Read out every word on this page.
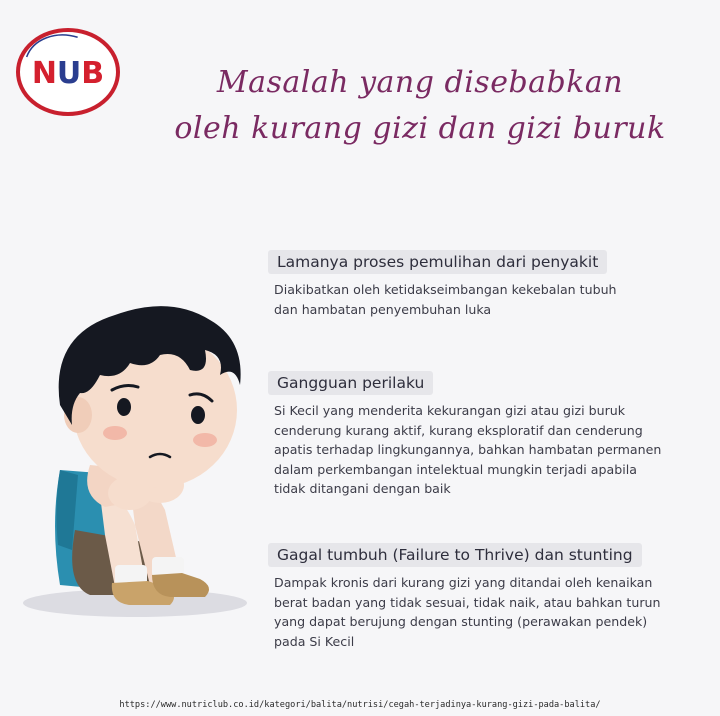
NUB	Masalah yang disebabkan
oleh kurang gizi dan gizi buruk
Lamanya proses pemulihan dari penyakit
Diakibatkan oleh ketidakseimbangan kekebalan tubuh
dan hambatan penyembuhan luka
Gangguan perilaku
Si Kecil yang menderita kekurangan gizi atau gizi buruk
cenderung kurang aktif, kurang eksploratif dan cenderung
apatis terhadap lingkungannya, bahkan hambatan permanen
dalam perkembangan intelektual mungkin terjadi apabila
tidak ditangani dengan baik
Gagal tumbuh (Failure to Thrive) dan stunting
Dampak kronis dari kurang gizi yang ditandai oleh kenaikan
berat badan yang tidak sesuai, tidak naik, atau bahkan turun
yang dapat berujung dengan stunting (perawakan pendek)
pada Si Kecil
https://www.nutriclub.co.id/kategori/balita/nutrisi/cegah-terjadinya-kurang-gizi-pada-balita/
